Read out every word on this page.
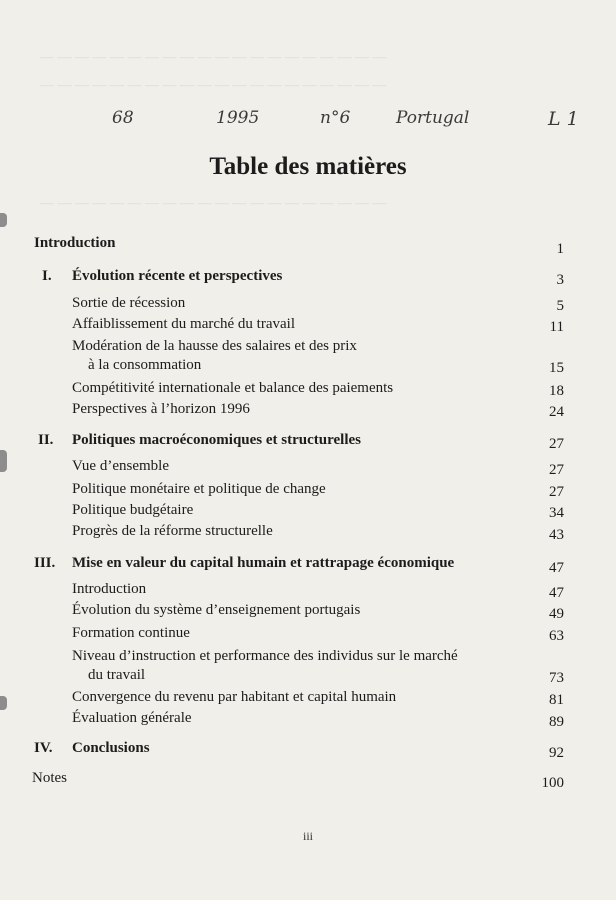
— — — — — — — — — — — — — — — — — — — —
— — — — — — — — — — — — — — — — — — — —
— — — — — — — — — — — — — — — — — — — —
68	1995	n°6	Portugal	L 1
Table des matières
Introduction	1
I. Évolution récente et perspectives	3
Sortie de récession	5
Affaiblissement du marché du travail	11
Modération de la hausse des salaires et des prix
à la consommation	15
Compétitivité internationale et balance des paiements	18
Perspectives à l’horizon 1996	24
II. Politiques macroéconomiques et structurelles	27
Vue d’ensemble	27
Politique monétaire et politique de change	27
Politique budgétaire	34
Progrès de la réforme structurelle	43
III. Mise en valeur du capital humain et rattrapage économique	47
Introduction	47
Évolution du système d’enseignement portugais	49
Formation continue	63
Niveau d’instruction et performance des individus sur le marché
du travail	73
Convergence du revenu par habitant et capital humain	81
Évaluation générale	89
IV. Conclusions	92
Notes	100
iii
